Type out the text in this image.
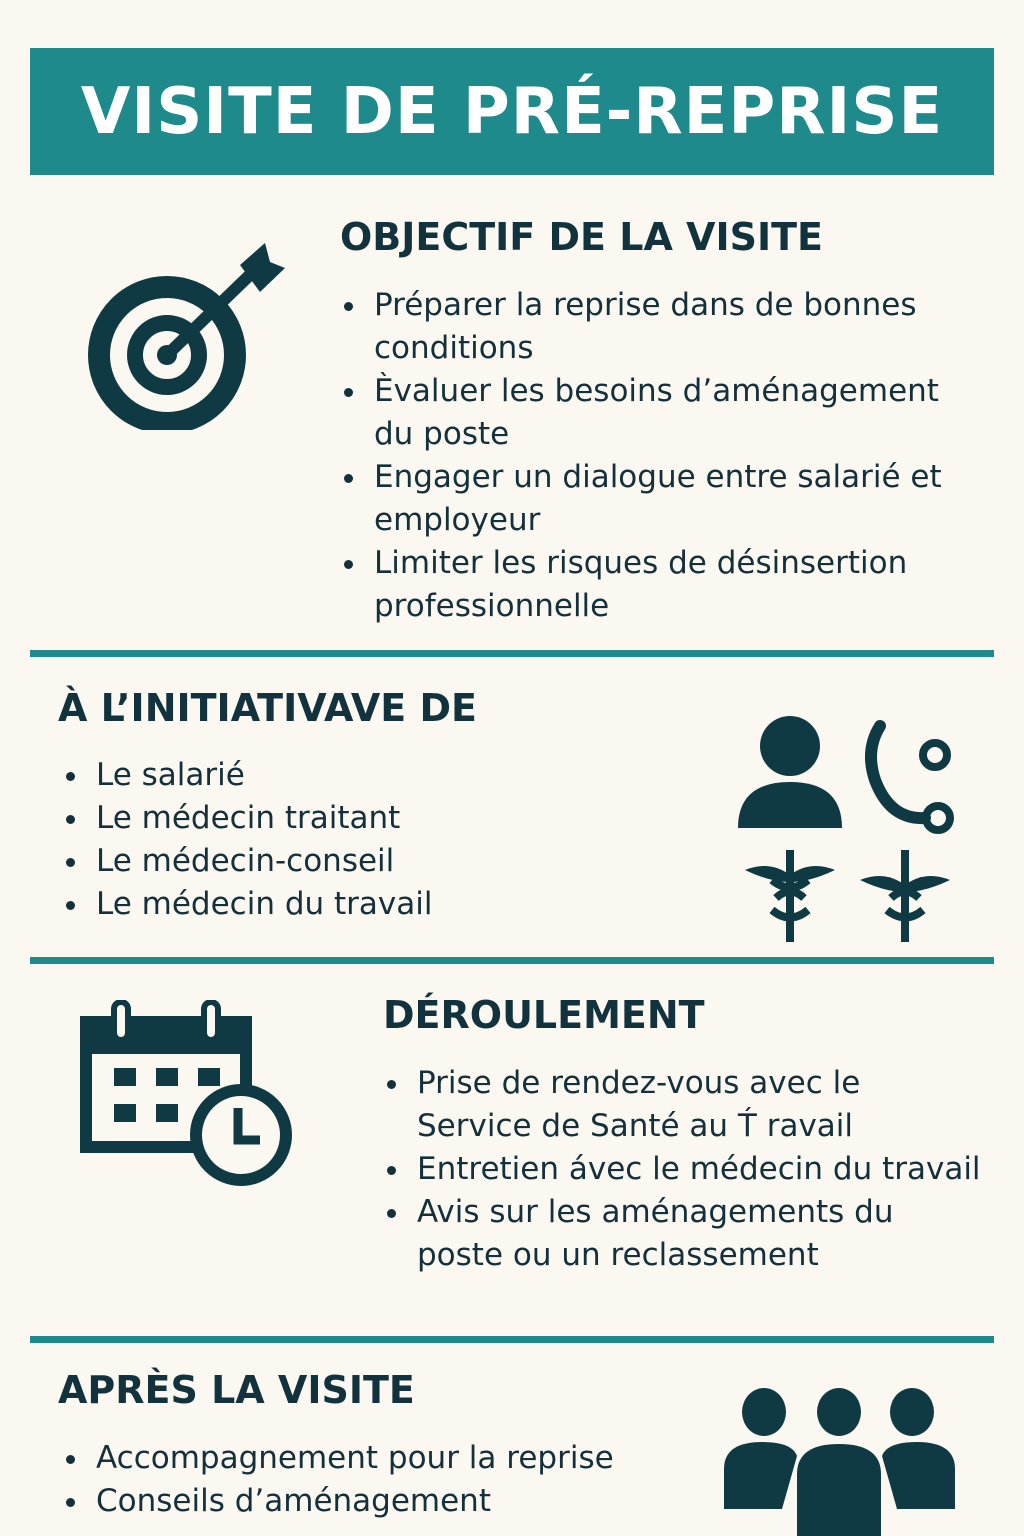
VISITE DE PRÉ-REPRISE
OBJECTIF DE LA VISITE
Préparer la reprise dans de bonnes conditions
Èvaluer les besoins d’aménagement du poste
Engager un dialogue entre salarié et employeur
Limiter les risques de désinsertion professionnelle
À L’INITIATIVAVE DE
Le salarié
Le médecin traitant
Le médecin-conseil
Le médecin du travail
DÉROULEMENT
Prise de rendez-vous avec le Service de Santé au T́ ravail
Entretien ávec le médecin du travail
Avis sur les aménagements du poste ou un reclassement
APRÈS LA VISITE
Accompagnement pour la reprise
Conseils d’aménagement
